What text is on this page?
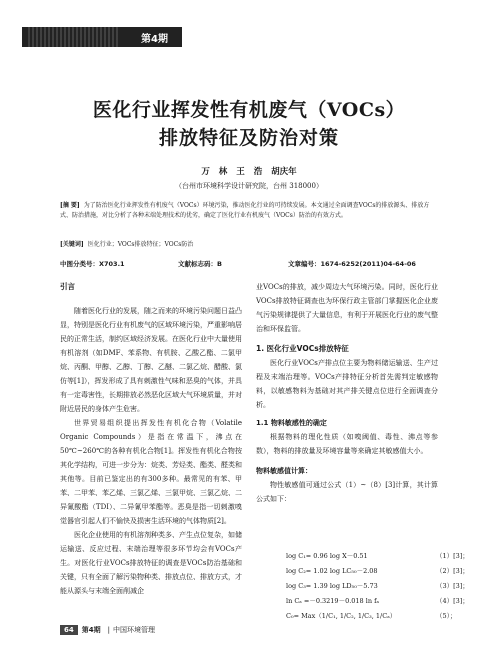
第4期
医化行业挥发性有机废气（VOCs）
排放特征及防治对策
万 林 王 浩 胡庆年
（台州市环境科学设计研究院，台州 318000）
[摘 要] 为了防治医化行业挥发性有机废气（VOCs）环境污染，推动医化行业的可持续发展。本文通过全面调查VOCs的排放源头、排放方式、防治措施，对比分析了各种末端处理技术的优劣，确定了医化行业有机废气（VOCs）防治的有效方式。
[关键词] 医化行业；VOCs排放特征；VOCs防治
中图分类号：X703.1	文献标志码：B	文章编号：1674-6252(2011)04-64-06

引言

随着医化行业的发展，随之而来的环境污染问题日益凸显，特别是医化行业有机废气的区域环境污染，严重影响居民的正常生活，制约区域经济发展。在医化行业中大量使用有机溶剂（如DMF、苯系物、有机胺、乙酸乙酯、二氯甲烷、丙酮、甲醇、乙醇、丁醇、乙醚、二氯乙烷、醋酸、氯仿等[1]），挥发形成了具有刺激性气味和恶臭的气体，并具有一定毒害性，长期排放必然恶化区域大气环境质量，并对附近居民的身体产生危害。

世界贸易组织提出挥发性有机化合物（Volatile Organic Compounds）是指在常温下，沸点在50℃~260℃的各种有机化合物[1]。挥发性有机化合物按其化学结构，可进一步分为：烷类、芳烃类、酯类、醛类和其他等。目前已鉴定出的有300多种。最常见的有苯、甲苯、二甲苯、苯乙烯、三氯乙烯、三氯甲烷、三氯乙烷、二异氰酸酯（TDI）、二异氰甲苯酯等。恶臭是指一切刺激嗅觉器官引起人们不愉快及损害生活环境的气体物质[2]。

医化企业使用的有机溶剂种类多、产生点位复杂，如储运输送、反应过程、末端治理等很多环节均会有VOCs产生。对医化行业VOCs排放特征的调查是VOCs防治基础和关键，只有全面了解污染物种类、排放点位、排放方式，才能从源头与末端全面削减企

业VOCs的排放，减少周边大气环境污染。同时，医化行业VOCs排放特征调查也为环保行政主管部门掌握医化企业废气污染规律提供了大量信息，有利于开展医化行业的废气整治和环保监管。

1. 医化行业VOCs排放特征

医化行业VOCs产排点位主要为物料储运输送、生产过程及末端治理等。VOCs产排特征分析首先需判定敏感物料，以敏感物料为基础对其产排关键点位进行全面调查分析。

1.1 物料敏感性的确定

根据物料的理化性质（如嗅阈值、毒性、沸点等参数），物料的排放量及环境容量等来确定其敏感值大小。

物料敏感值计算：

物性敏感值可通过公式（1）~（8）[3]计算，其计算公式如下：

log C₁= 0.96 log X－0.51	（1）[3]；
log C₂= 1.02 log LC₅₀－2.08	（2）[3]；
log C₃= 1.39 log LD₅₀－5.73	（3）[3]；
ln Cₐ =－0.3219－0.018 ln fₐ	（4）[3]；
C₀= Max（1/C₁, 1/C₂, 1/C₃, 1/Cₐ）	（5）；
64	第4期 | 中国环境管理
